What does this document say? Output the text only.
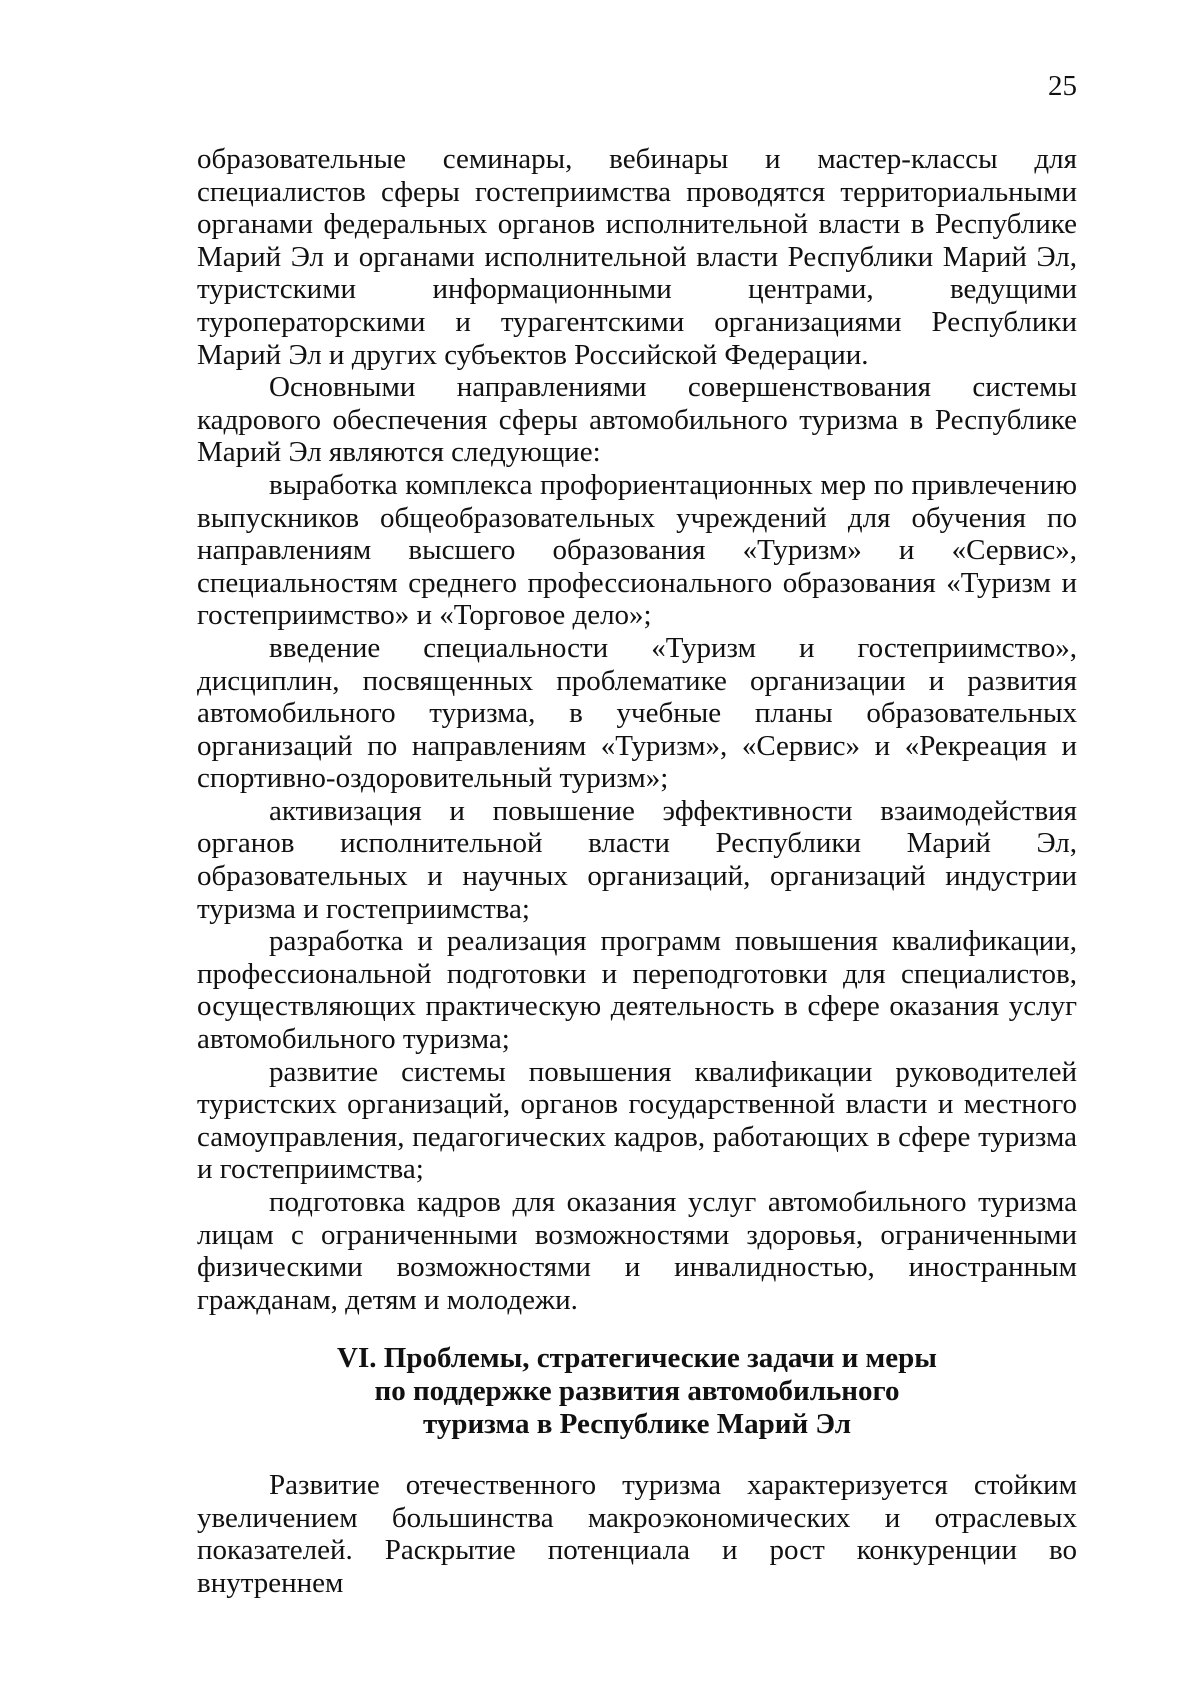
25

образовательные семинары, вебинары и мастер-классы для специалистов сферы гостеприимства проводятся территориальными органами федеральных органов исполнительной власти в Республике Марий Эл и органами исполнительной власти Республики Марий Эл, туристскими информационными центрами, ведущими туроператорскими и турагентскими организациями Республики Марий Эл и других субъектов Российской Федерации.

Основными направлениями совершенствования системы кадрового обеспечения сферы автомобильного туризма в Республике Марий Эл являются следующие:

выработка комплекса профориентационных мер по привлечению выпускников общеобразовательных учреждений для обучения по направлениям высшего образования «Туризм» и «Сервис», специальностям среднего профессионального образования «Туризм и гостеприимство» и «Торговое дело»;

введение специальности «Туризм и гостеприимство», дисциплин, посвященных проблематике организации и развития автомобильного туризма, в учебные планы образовательных организаций по направлениям «Туризм», «Сервис» и «Рекреация и спортивно-оздоровительный туризм»;

активизация и повышение эффективности взаимодействия органов исполнительной власти Республики Марий Эл, образовательных и научных организаций, организаций индустрии туризма и гостеприимства;

разработка и реализация программ повышения квалификации, профессиональной подготовки и переподготовки для специалистов, осуществляющих практическую деятельность в сфере оказания услуг автомобильного туризма;

развитие системы повышения квалификации руководителей туристских организаций, органов государственной власти и местного самоуправления, педагогических кадров, работающих в сфере туризма и гостеприимства;

подготовка кадров для оказания услуг автомобильного туризма лицам с ограниченными возможностями здоровья, ограниченными физическими возможностями и инвалидностью, иностранным гражданам, детям и молодежи.

VI. Проблемы, стратегические задачи и меры
по поддержке развития автомобильного
туризма в Республике Марий Эл

Развитие отечественного туризма характеризуется стойким увеличением большинства макроэкономических и отраслевых показателей. Раскрытие потенциала и рост конкуренции во внутреннем
